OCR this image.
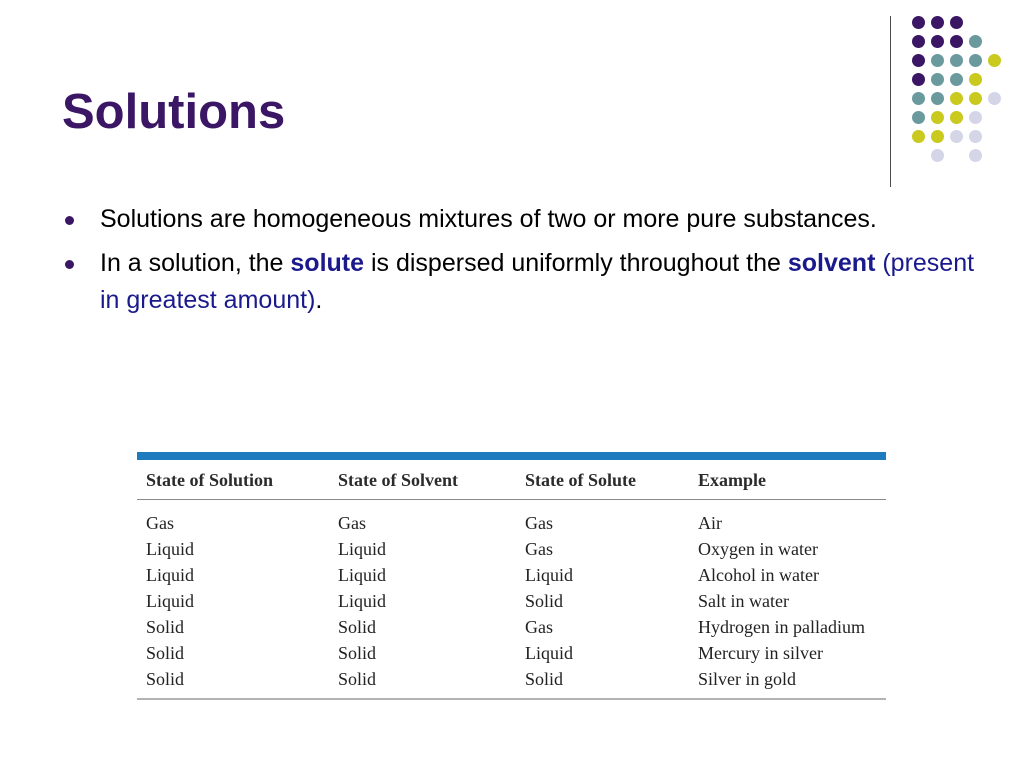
Solutions
Solutions are homogeneous mixtures of two or more pure substances.
In a solution, the solute is dispersed uniformly throughout the solvent (present in greatest amount).
State of Solution	State of Solvent	State of Solute	Example
Gas	Gas	Gas	Air
Liquid	Liquid	Gas	Oxygen in water
Liquid	Liquid	Liquid	Alcohol in water
Liquid	Liquid	Solid	Salt in water
Solid	Solid	Gas	Hydrogen in palladium
Solid	Solid	Liquid	Mercury in silver
Solid	Solid	Solid	Silver in gold
